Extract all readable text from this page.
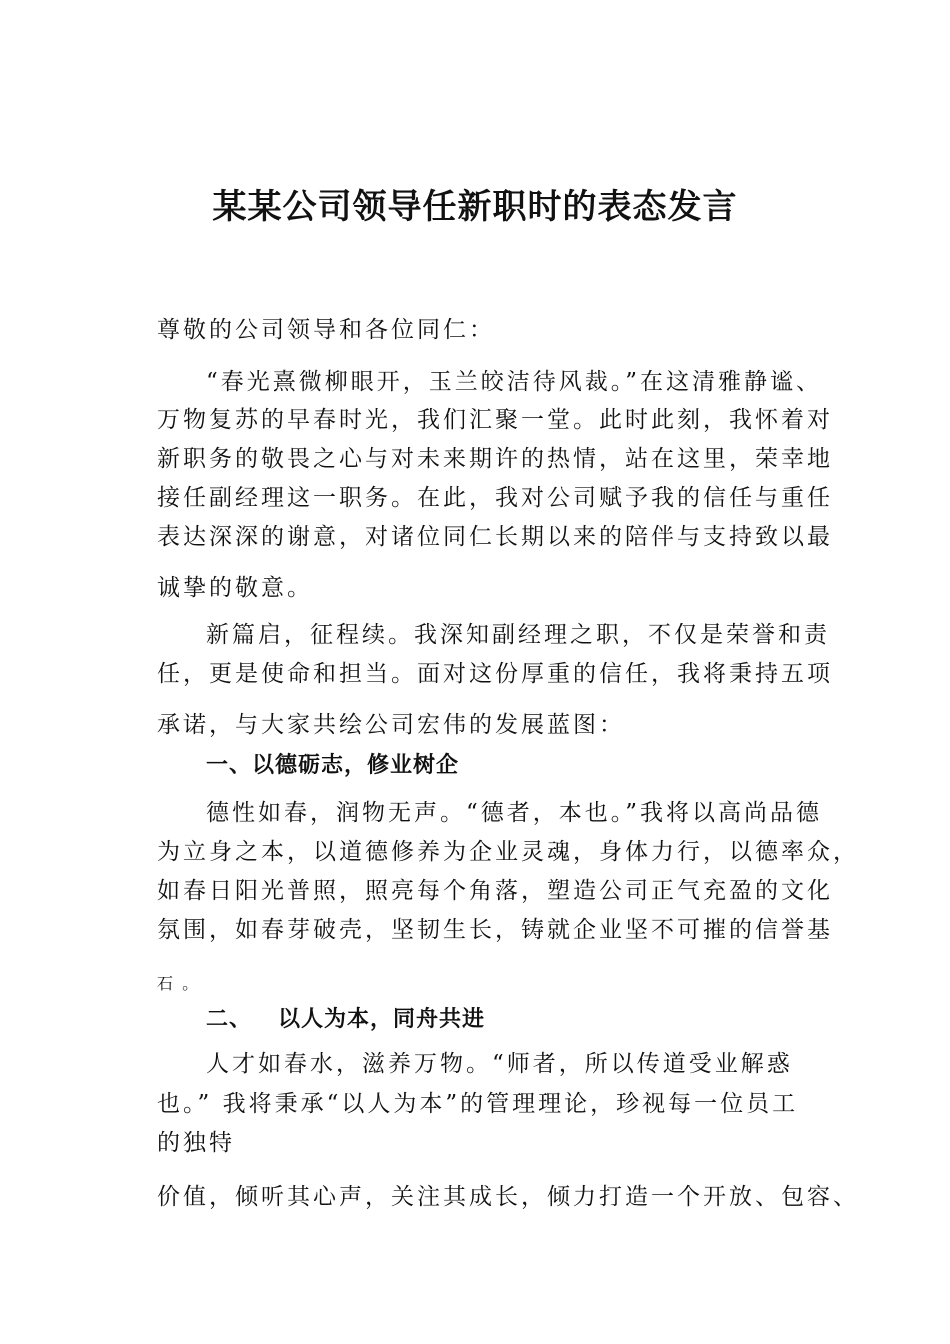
某某公司领导任新职时的表态发言
尊敬的公司领导和各位同仁：
“春光熹微柳眼开，玉兰皎洁待风裁。”在这清雅静谧、
万物复苏的早春时光，我们汇聚一堂。此时此刻，我怀着对
新职务的敬畏之心与对未来期许的热情，站在这里，荣幸地
接任副经理这一职务。在此，我对公司赋予我的信任与重任
表达深深的谢意，对诸位同仁长期以来的陪伴与支持致以最
诚挚的敬意。
新篇启，征程续。我深知副经理之职，不仅是荣誉和责
任，更是使命和担当。面对这份厚重的信任，我将秉持五项
承诺，与大家共绘公司宏伟的发展蓝图：
一、以德砺志，修业树企
德性如春，润物无声。“德者，本也。”我将以高尚品德
为立身之本，以道德修养为企业灵魂，身体力行，以德率众，
如春日阳光普照，照亮每个角落，塑造公司正气充盈的文化
氛围，如春芽破壳，坚韧生长，铸就企业坚不可摧的信誉基
石 。
二、 以人为本，同舟共进
人才如春水，滋养万物。“师者，所以传道受业解惑
也。” 我将秉承“以人为本”的管理理论，珍视每一位员工
的独特
价值，倾听其心声，关注其成长，倾力打造一个开放、包容、
